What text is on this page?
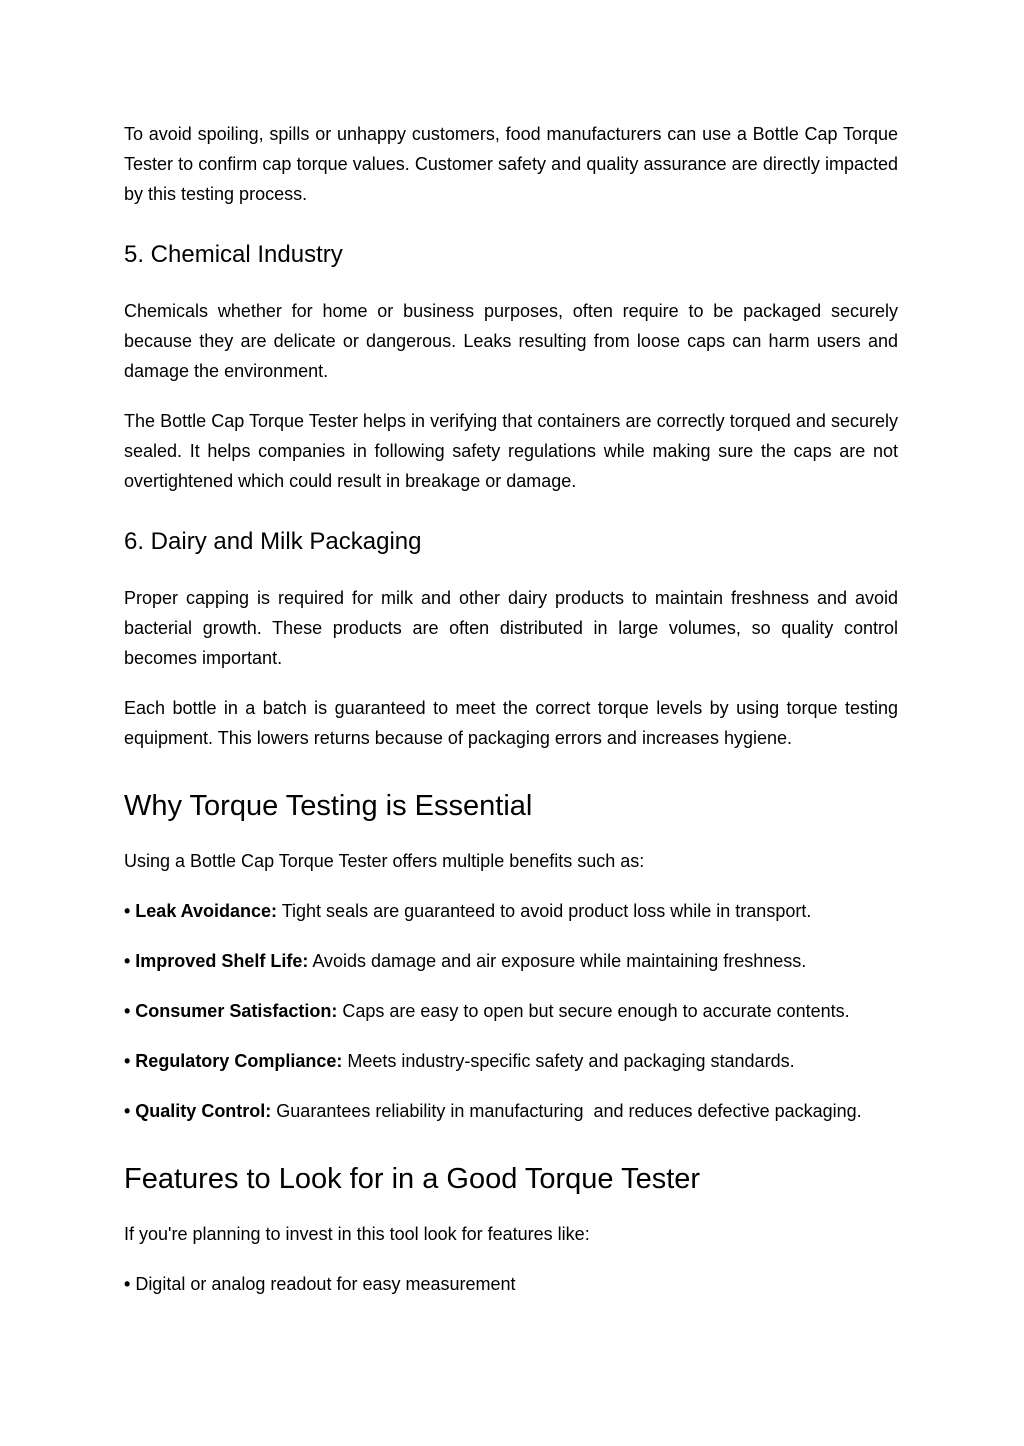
To avoid spoiling, spills or unhappy customers, food manufacturers can use a Bottle Cap Torque Tester to confirm cap torque values. Customer safety and quality assurance are directly impacted by this testing process.

5. Chemical Industry

Chemicals whether for home or business purposes, often require to be packaged securely because they are delicate or dangerous. Leaks resulting from loose caps can harm users and damage the environment.

The Bottle Cap Torque Tester helps in verifying that containers are correctly torqued and securely sealed. It helps companies in following safety regulations while making sure the caps are not overtightened which could result in breakage or damage.

6. Dairy and Milk Packaging

Proper capping is required for milk and other dairy products to maintain freshness and avoid bacterial growth. These products are often distributed in large volumes, so quality control becomes important.

Each bottle in a batch is guaranteed to meet the correct torque levels by using torque testing equipment. This lowers returns because of packaging errors and increases hygiene.

Why Torque Testing is Essential

Using a Bottle Cap Torque Tester offers multiple benefits such as:

• Leak Avoidance: Tight seals are guaranteed to avoid product loss while in transport.

• Improved Shelf Life: Avoids damage and air exposure while maintaining freshness.

• Consumer Satisfaction: Caps are easy to open but secure enough to accurate contents.

• Regulatory Compliance: Meets industry-specific safety and packaging standards.

• Quality Control: Guarantees reliability in manufacturing  and reduces defective packaging.

Features to Look for in a Good Torque Tester

If you're planning to invest in this tool look for features like:

• Digital or analog readout for easy measurement
